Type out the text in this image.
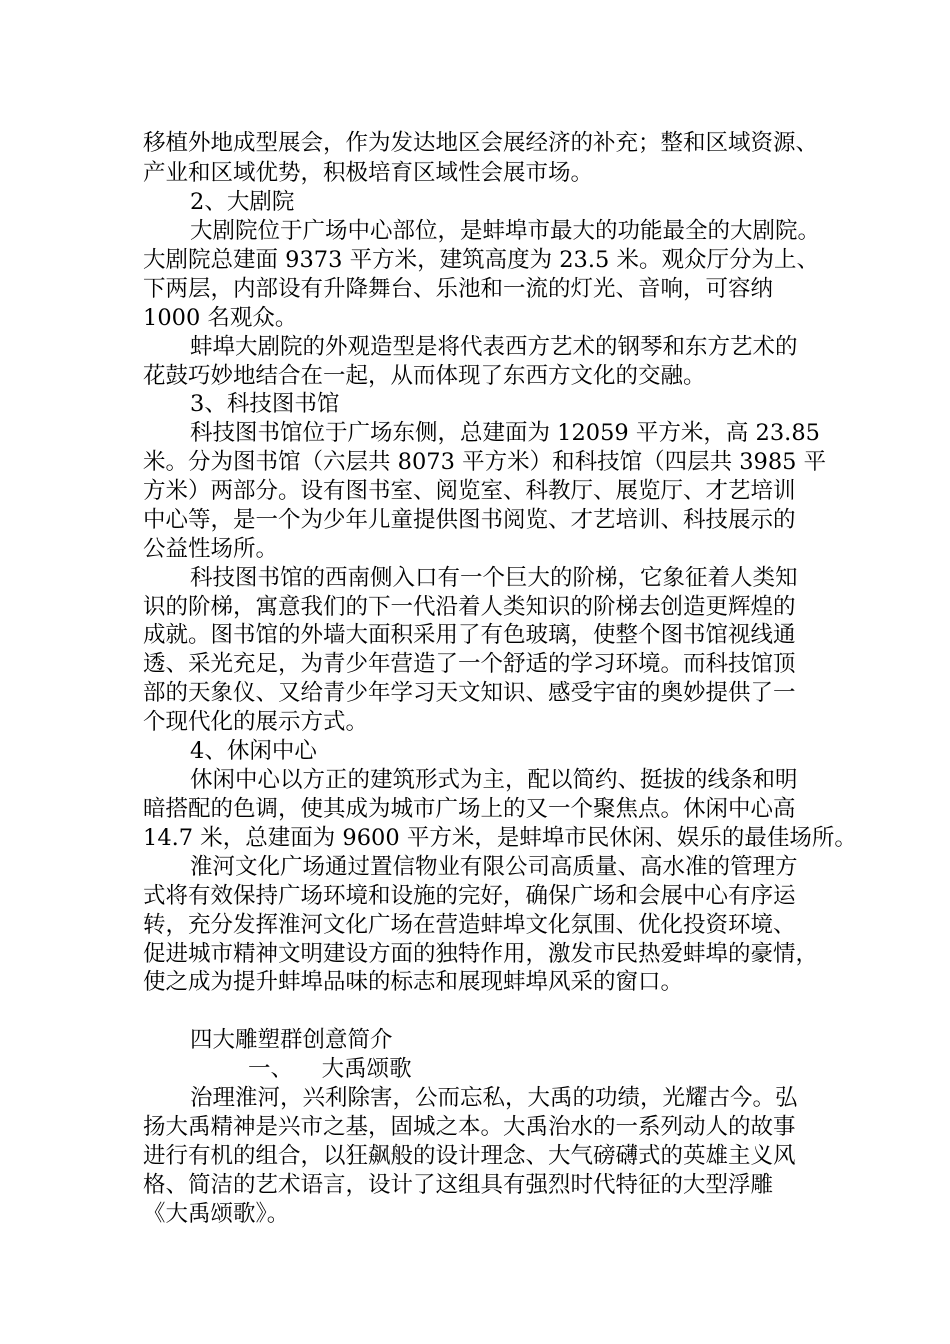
移植外地成型展会，作为发达地区会展经济的补充；整和区域资源、

产业和区域优势，积极培育区域性会展市场。

2、大剧院

大剧院位于广场中心部位，是蚌埠市最大的功能最全的大剧院。

大剧院总建面 9373 平方米，建筑高度为 23.5 米。观众厅分为上、

下两层，内部设有升降舞台、乐池和一流的灯光、音响，可容纳

1000 名观众。

蚌埠大剧院的外观造型是将代表西方艺术的钢琴和东方艺术的

花鼓巧妙地结合在一起，从而体现了东西方文化的交融。

3、科技图书馆

科技图书馆位于广场东侧，总建面为 12059 平方米，高 23.85

米。分为图书馆（六层共 8073 平方米）和科技馆（四层共 3985 平

方米）两部分。设有图书室、阅览室、科教厅、展览厅、才艺培训

中心等，是一个为少年儿童提供图书阅览、才艺培训、科技展示的

公益性场所。

科技图书馆的西南侧入口有一个巨大的阶梯，它象征着人类知

识的阶梯，寓意我们的下一代沿着人类知识的阶梯去创造更辉煌的

成就。图书馆的外墙大面积采用了有色玻璃，使整个图书馆视线通

透、采光充足，为青少年营造了一个舒适的学习环境。而科技馆顶

部的天象仪、又给青少年学习天文知识、感受宇宙的奥妙提供了一

个现代化的展示方式。

4、休闲中心

休闲中心以方正的建筑形式为主，配以简约、挺拔的线条和明

暗搭配的色调，使其成为城市广场上的又一个聚焦点。休闲中心高

14.7 米，总建面为 9600 平方米，是蚌埠市民休闲、娱乐的最佳场所。

淮河文化广场通过置信物业有限公司高质量、高水准的管理方

式将有效保持广场环境和设施的完好，确保广场和会展中心有序运

转，充分发挥淮河文化广场在营造蚌埠文化氛围、优化投资环境、

促进城市精神文明建设方面的独特作用，激发市民热爱蚌埠的豪情，

使之成为提升蚌埠品味的标志和展现蚌埠风采的窗口。

四大雕塑群创意简介

一、    大禹颂歌

治理淮河，兴利除害，公而忘私，大禹的功绩，光耀古今。弘

扬大禹精神是兴市之基，固城之本。大禹治水的一系列动人的故事

进行有机的组合，以狂飙般的设计理念、大气磅礴式的英雄主义风

格、简洁的艺术语言，设计了这组具有强烈时代特征的大型浮雕

《大禹颂歌》。
